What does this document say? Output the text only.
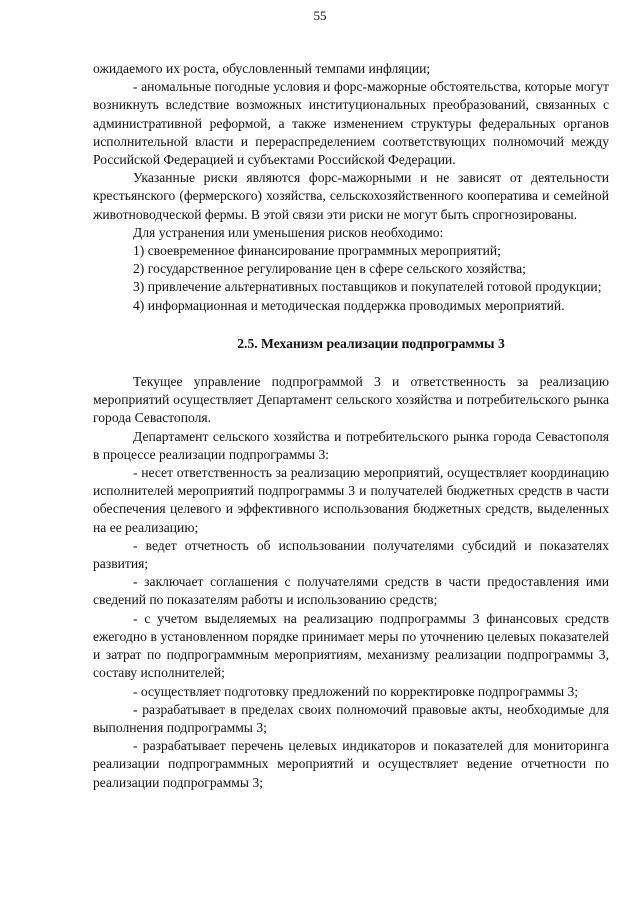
55

ожидаемого их роста, обусловленный темпами инфляции;

- аномальные погодные условия и форс-мажорные обстоятельства, которые могут возникнуть вследствие возможных институциональных преобразований, связанных с административной реформой, а также изменением структуры федеральных органов исполнительной власти и перераспределением соответствующих полномочий между Российской Федерацией и субъектами Российской Федерации.

Указанные риски являются форс-мажорными и не зависят от деятельности крестьянского (фермерского) хозяйства, сельскохозяйственного кооператива и семейной животноводческой фермы. В этой связи эти риски не могут быть спрогнозированы.

Для устранения или уменьшения рисков необходимо:

1) своевременное финансирование программных мероприятий;

2) государственное регулирование цен в сфере сельского хозяйства;

3) привлечение альтернативных поставщиков и покупателей готовой продукции;

4) информационная и методическая поддержка проводимых мероприятий.

2.5. Механизм реализации подпрограммы 3

Текущее управление подпрограммой 3 и ответственность за реализацию мероприятий осуществляет Департамент сельского хозяйства и потребительского рынка города Севастополя.

Департамент сельского хозяйства и потребительского рынка города Севастополя в процессе реализации подпрограммы 3:

- несет ответственность за реализацию мероприятий, осуществляет координацию исполнителей мероприятий подпрограммы 3 и получателей бюджетных средств в части обеспечения целевого и эффективного использования бюджетных средств, выделенных на ее реализацию;

- ведет отчетность об использовании получателями субсидий и показателях развития;

- заключает соглашения с получателями средств в части предоставления ими сведений по показателям работы и использованию средств;

- с учетом выделяемых на реализацию подпрограммы 3 финансовых средств ежегодно в установленном порядке принимает меры по уточнению целевых показателей и затрат по подпрограммным мероприятиям, механизму реализации подпрограммы 3, составу исполнителей;

- осуществляет подготовку предложений по корректировке подпрограммы 3;

- разрабатывает в пределах своих полномочий правовые акты, необходимые для выполнения подпрограммы 3;

- разрабатывает перечень целевых индикаторов и показателей для мониторинга реализации подпрограммных мероприятий и осуществляет ведение отчетности по реализации подпрограммы 3;
